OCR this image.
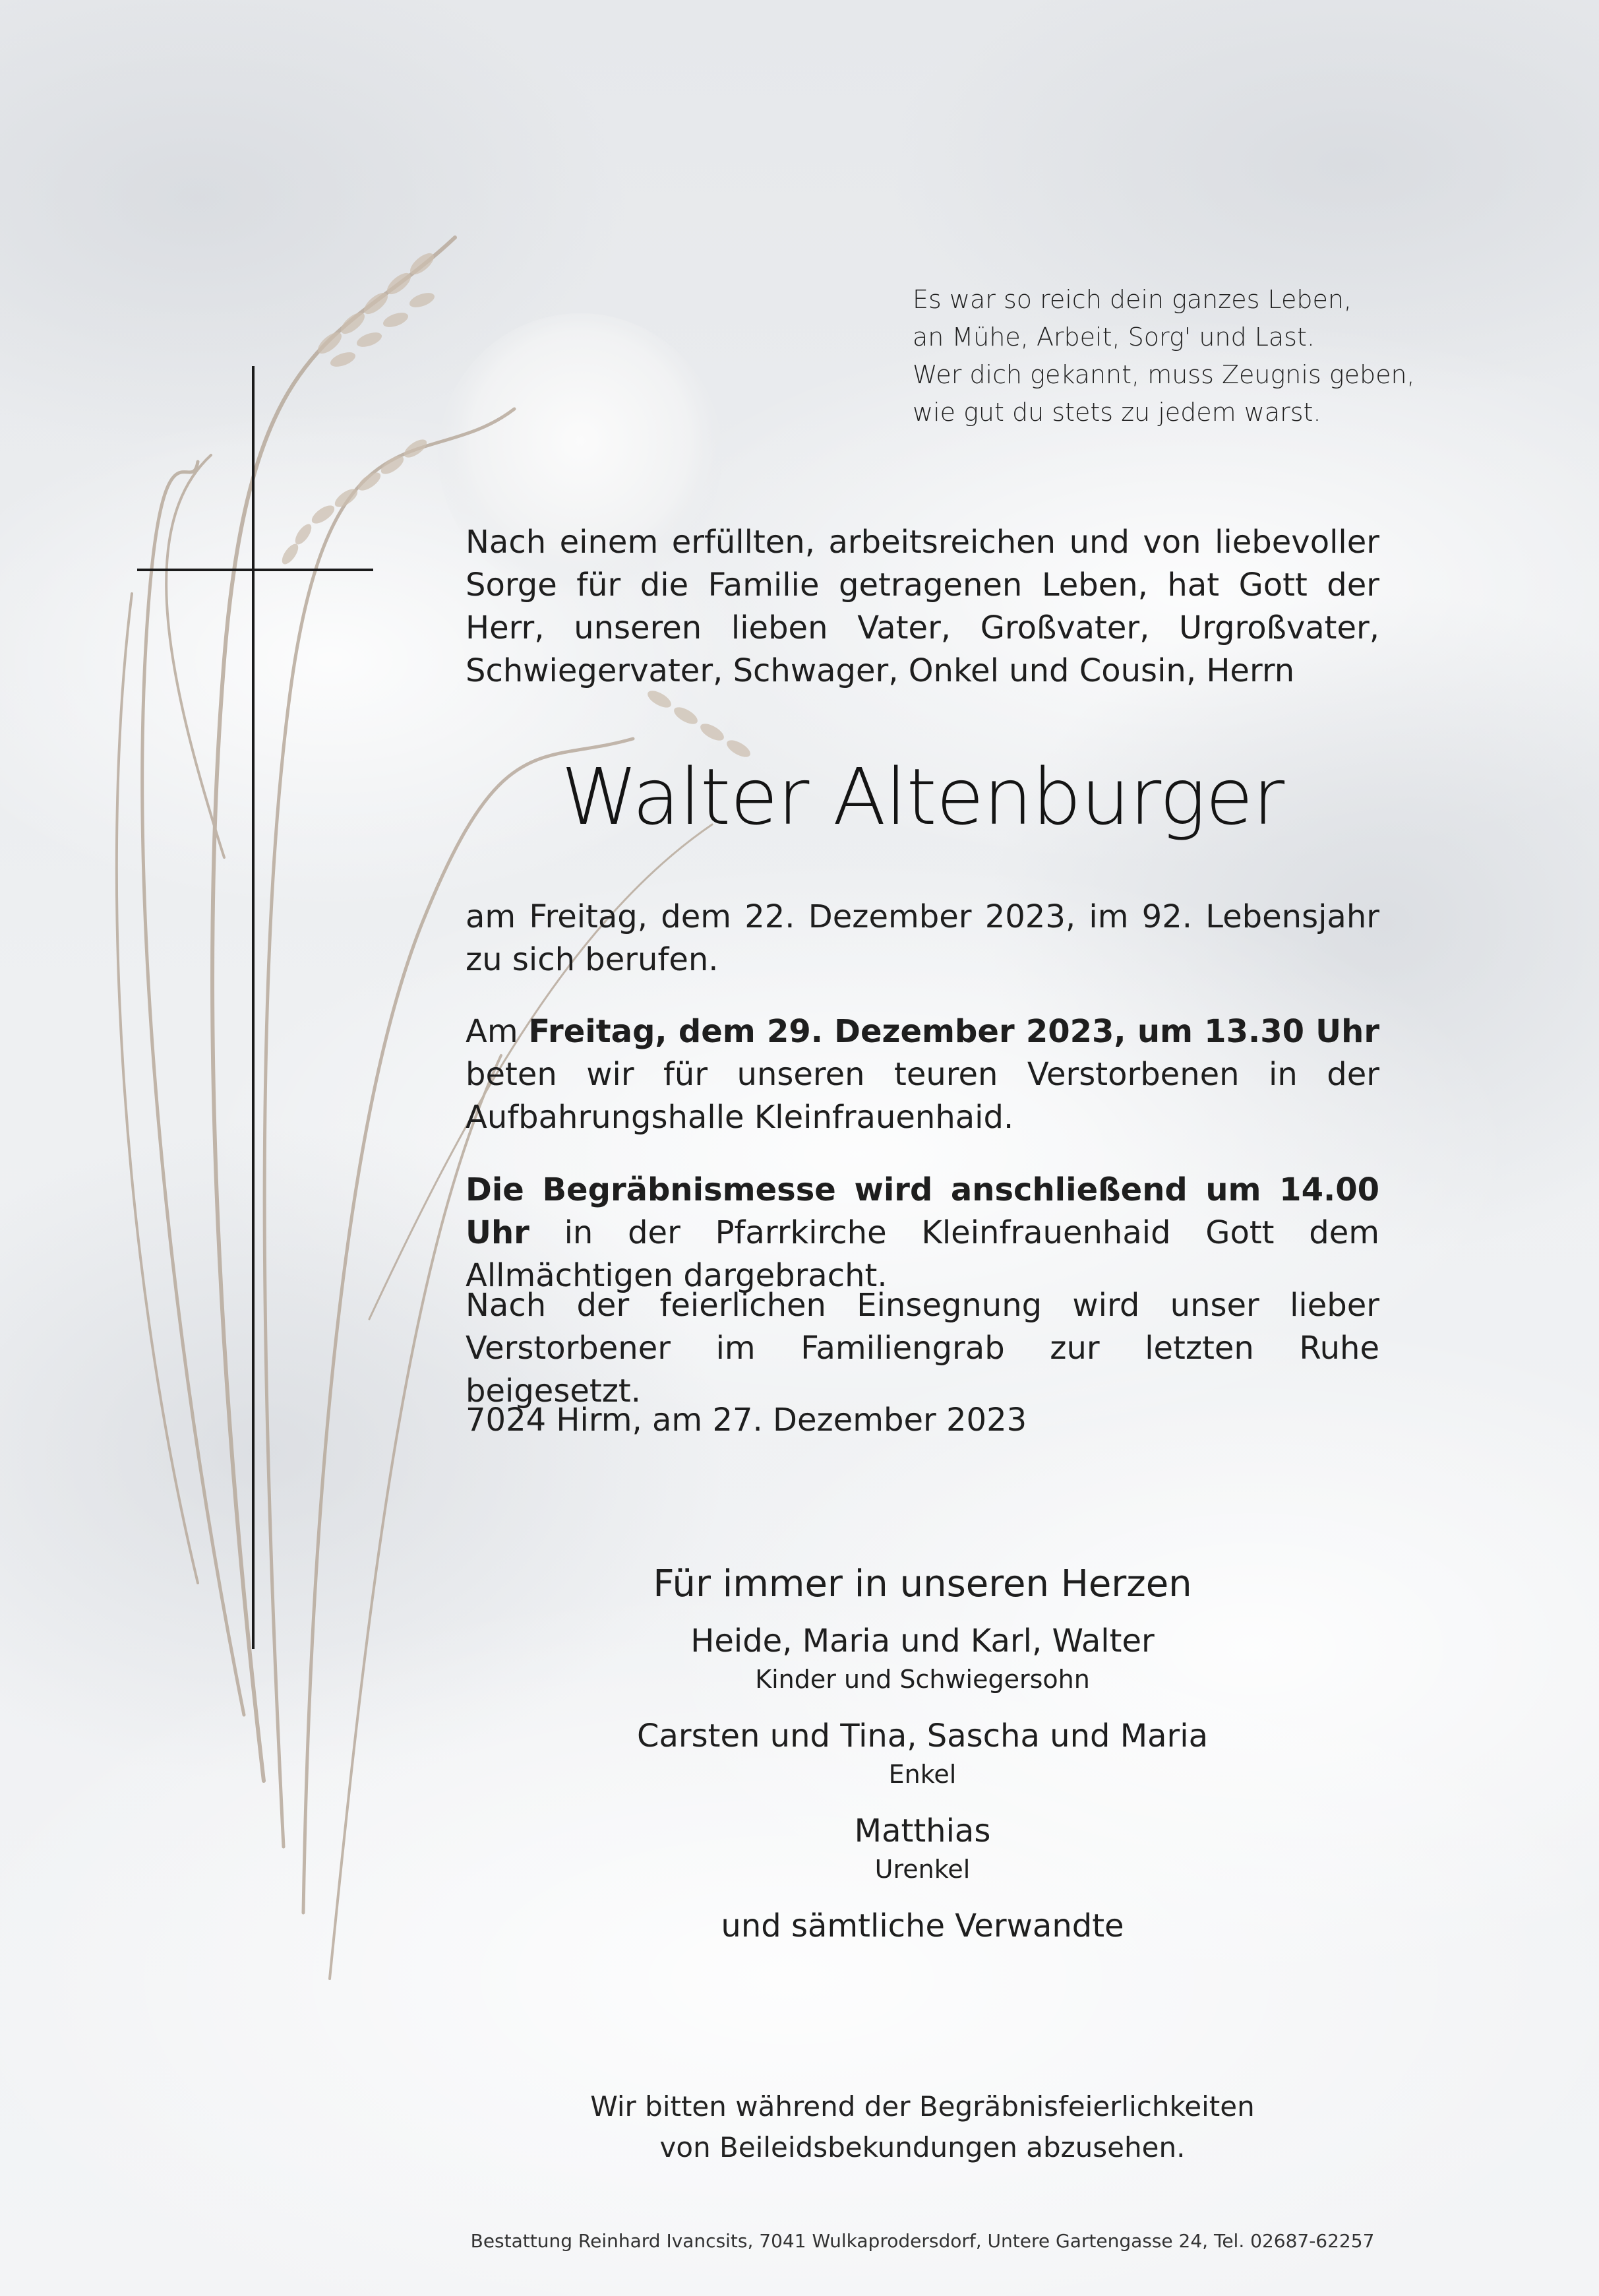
Es war so reich dein ganzes Leben,
an Mühe, Arbeit, Sorg' und Last.
Wer dich gekannt, muss Zeugnis geben,
wie gut du stets zu jedem warst.
Nach einem erfüllten, arbeitsreichen und von liebevoller Sorge für die Familie getragenen Leben, hat Gott der Herr, unseren lieben Vater, Großvater, Urgroßvater, Schwiegervater, Schwager, Onkel und Cousin, Herrn
Walter Altenburger
am Freitag, dem 22. Dezember 2023, im 92. Lebensjahr zu sich berufen.
Am Freitag, dem 29. Dezember 2023, um 13.30 Uhr beten wir für unseren teuren Verstorbenen in der Aufbahrungshalle Kleinfrauenhaid.
Die Begräbnismesse wird anschließend um 14.00 Uhr in der Pfarrkirche Kleinfrauenhaid Gott dem Allmächtigen dargebracht.
Nach der feierlichen Einsegnung wird unser lieber Verstorbener im Familiengrab zur letzten Ruhe beigesetzt.
7024 Hirm, am 27. Dezember 2023
Für immer in unseren Herzen
Heide, Maria und Karl, Walter
Kinder und Schwiegersohn
Carsten und Tina, Sascha und Maria
Enkel
Matthias
Urenkel
und sämtliche Verwandte
Wir bitten während der Begräbnisfeierlichkeiten
von Beileidsbekundungen abzusehen.
Bestattung Reinhard Ivancsits, 7041 Wulkaprodersdorf, Untere Gartengasse 24, Tel. 02687-62257
